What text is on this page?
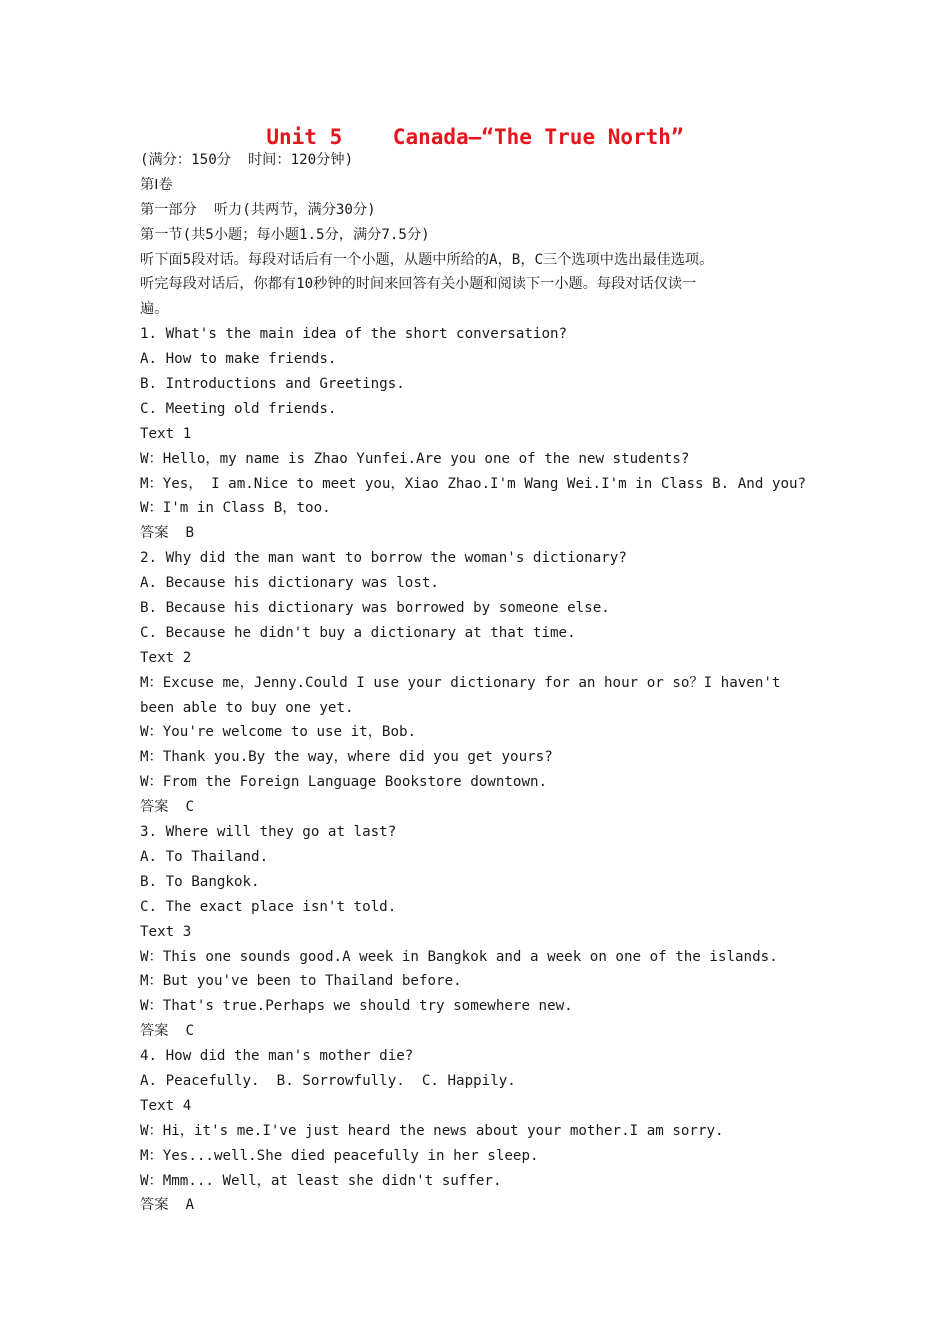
Unit 5    Canada—“The True North”
(满分：150分  时间：120分钟)
第Ⅰ卷
第一部分  听力(共两节，满分30分)
第一节(共5小题；每小题1.5分，满分7.5分)
听下面5段对话。每段对话后有一个小题，从题中所给的A，B，C三个选项中选出最佳选项。
听完每段对话后，你都有10秒钟的时间来回答有关小题和阅读下一小题。每段对话仅读一
遍。
1. What's the main idea of the short conversation?
A. How to make friends.
B. Introductions and Greetings.
C. Meeting old friends.
Text 1
W：Hello，my name is Zhao Yunfei.Are you one of the new students?
M：Yes， I am.Nice to meet you，Xiao Zhao.I'm Wang Wei.I'm in Class B. And you?
W：I'm in Class B，too.
答案  B
2. Why did the man want to borrow the woman's dictionary?
A. Because his dictionary was lost.
B. Because his dictionary was borrowed by someone else.
C. Because he didn't buy a dictionary at that time.
Text 2
M：Excuse me，Jenny.Could I use your dictionary for an hour or so？I haven't
been able to buy one yet.
W：You're welcome to use it，Bob.
M：Thank you.By the way，where did you get yours?
W：From the Foreign Language Bookstore downtown.
答案  C
3. Where will they go at last?
A. To Thailand.
B. To Bangkok.
C. The exact place isn't told.
Text 3
W：This one sounds good.A week in Bangkok and a week on one of the islands.
M：But you've been to Thailand before.
W：That's true.Perhaps we should try somewhere new.
答案  C
4. How did the man's mother die?
A. Peacefully.  B. Sorrowfully.  C. Happily.
Text 4
W：Hi，it's me.I've just heard the news about your mother.I am sorry.
M：Yes...well.She died peacefully in her sleep.
W：Mmm... Well，at least she didn't suffer.
答案  A
